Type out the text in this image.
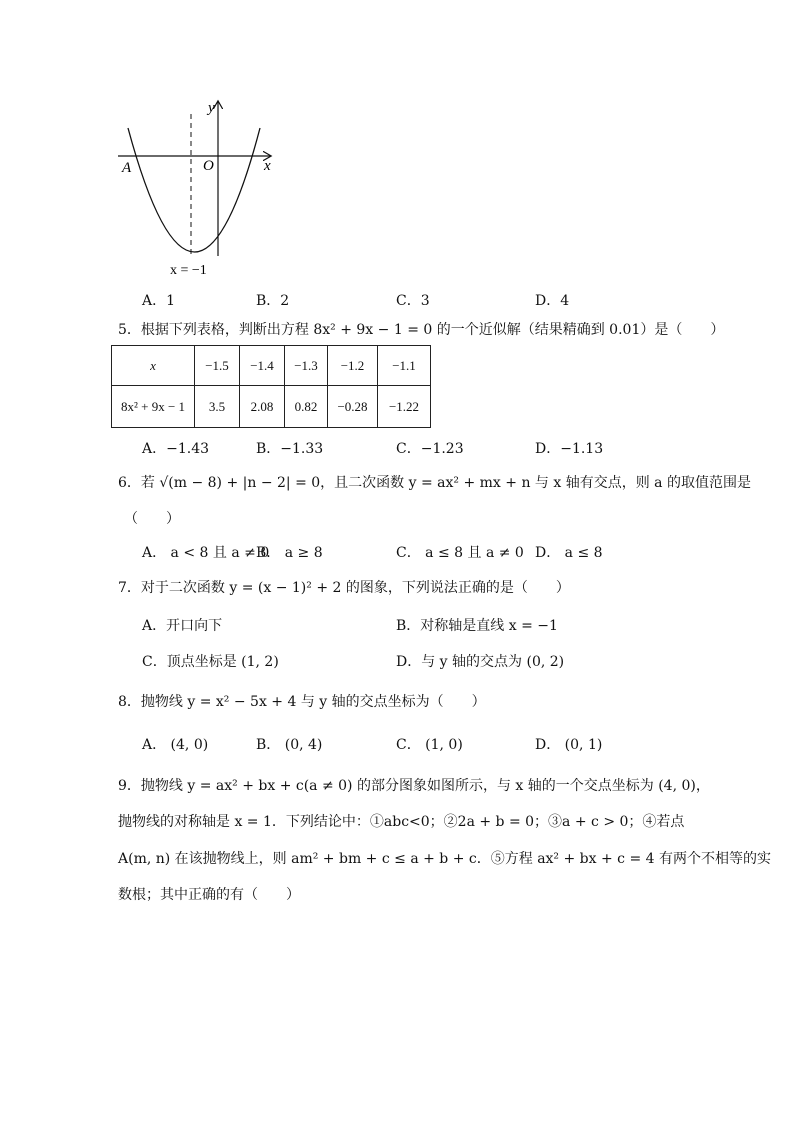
y
x
O
A
x = −1
A．1	B．2	C．3	D．4
5．根据下列表格，判断出方程 8x² + 9x − 1 = 0 的一个近似解（结果精确到 0.01）是（　　）
x	−1.5	−1.4	−1.3	−1.2	−1.1
8x² + 9x − 1	3.5	2.08	0.82	−0.28	−1.22
A．−1.43	B．−1.33	C．−1.23	D．−1.13
6．若 √(m − 8) + |n − 2| = 0，且二次函数 y = ax² + mx + n 与 x 轴有交点，则 a 的取值范围是
（　　）
A． a < 8 且 a ≠ 0
B． a ≥ 8	C． a ≤ 8 且 a ≠ 0 D． a ≤ 8
7．对于二次函数 y = (x − 1)² + 2 的图象，下列说法正确的是（　　）
A．开口向下	B．对称轴是直线 x = −1
C．顶点坐标是 (1, 2)	D．与 y 轴的交点为 (0, 2)
8．抛物线 y = x² − 5x + 4 与 y 轴的交点坐标为（　　）
A． (4, 0)	B． (0, 4)	C． (1, 0)	D． (0, 1)
9．抛物线 y = ax² + bx + c(a ≠ 0) 的部分图象如图所示，与 x 轴的一个交点坐标为 (4, 0)，
抛物线的对称轴是 x = 1．下列结论中：①abc<0；②2a + b = 0；③a + c > 0；④若点
A(m, n) 在该抛物线上，则 am² + bm + c ≤ a + b + c．⑤方程 ax² + bx + c = 4 有两个不相等的实
数根；其中正确的有（　　）
